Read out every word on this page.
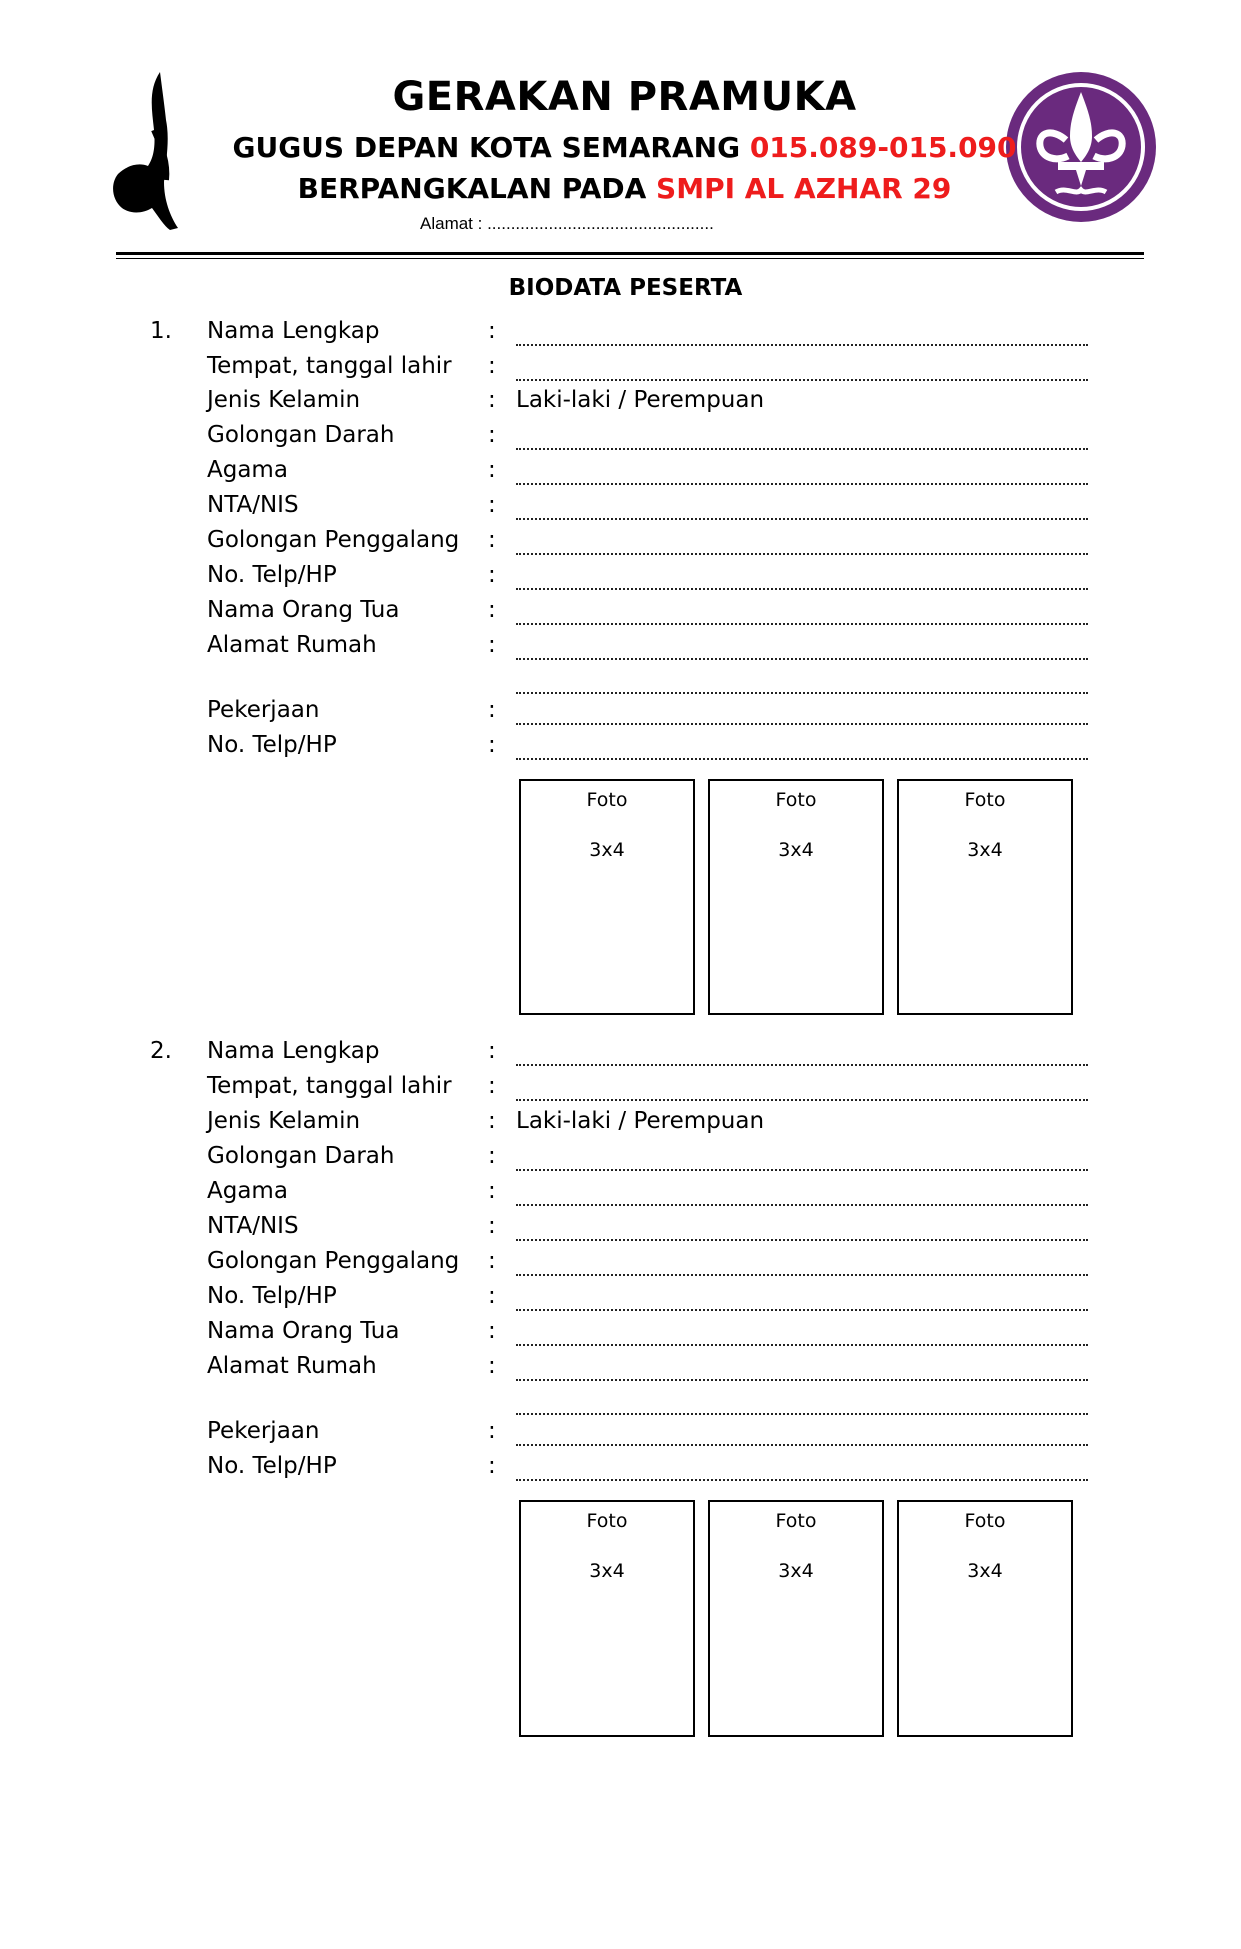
GERAKAN PRAMUKA
GUGUS DEPAN KOTA SEMARANG 015.089-015.090
BERPANGKALAN PADA SMPI AL AZHAR 29
Alamat : ................................................
BIODATA PESERTA
1. Nama Lengkap	:
Tempat, tanggal lahir :
Jenis Kelamin	: Laki-laki / Perempuan
Golongan Darah	:
Agama	:
NTA/NIS	:
Golongan Penggalang :
No. Telp/HP	:
Nama Orang Tua	:
Alamat Rumah	:
Pekerjaan	:
No. Telp/HP	:
Foto
3x4
Foto
3x4
Foto
3x4
2. Nama Lengkap	:
Tempat, tanggal lahir :
Jenis Kelamin	: Laki-laki / Perempuan
Golongan Darah	:
Agama	:
NTA/NIS	:
Golongan Penggalang :
No. Telp/HP	:
Nama Orang Tua	:
Alamat Rumah	:
Pekerjaan	:
No. Telp/HP	:
Foto
3x4
Foto
3x4
Foto
3x4
